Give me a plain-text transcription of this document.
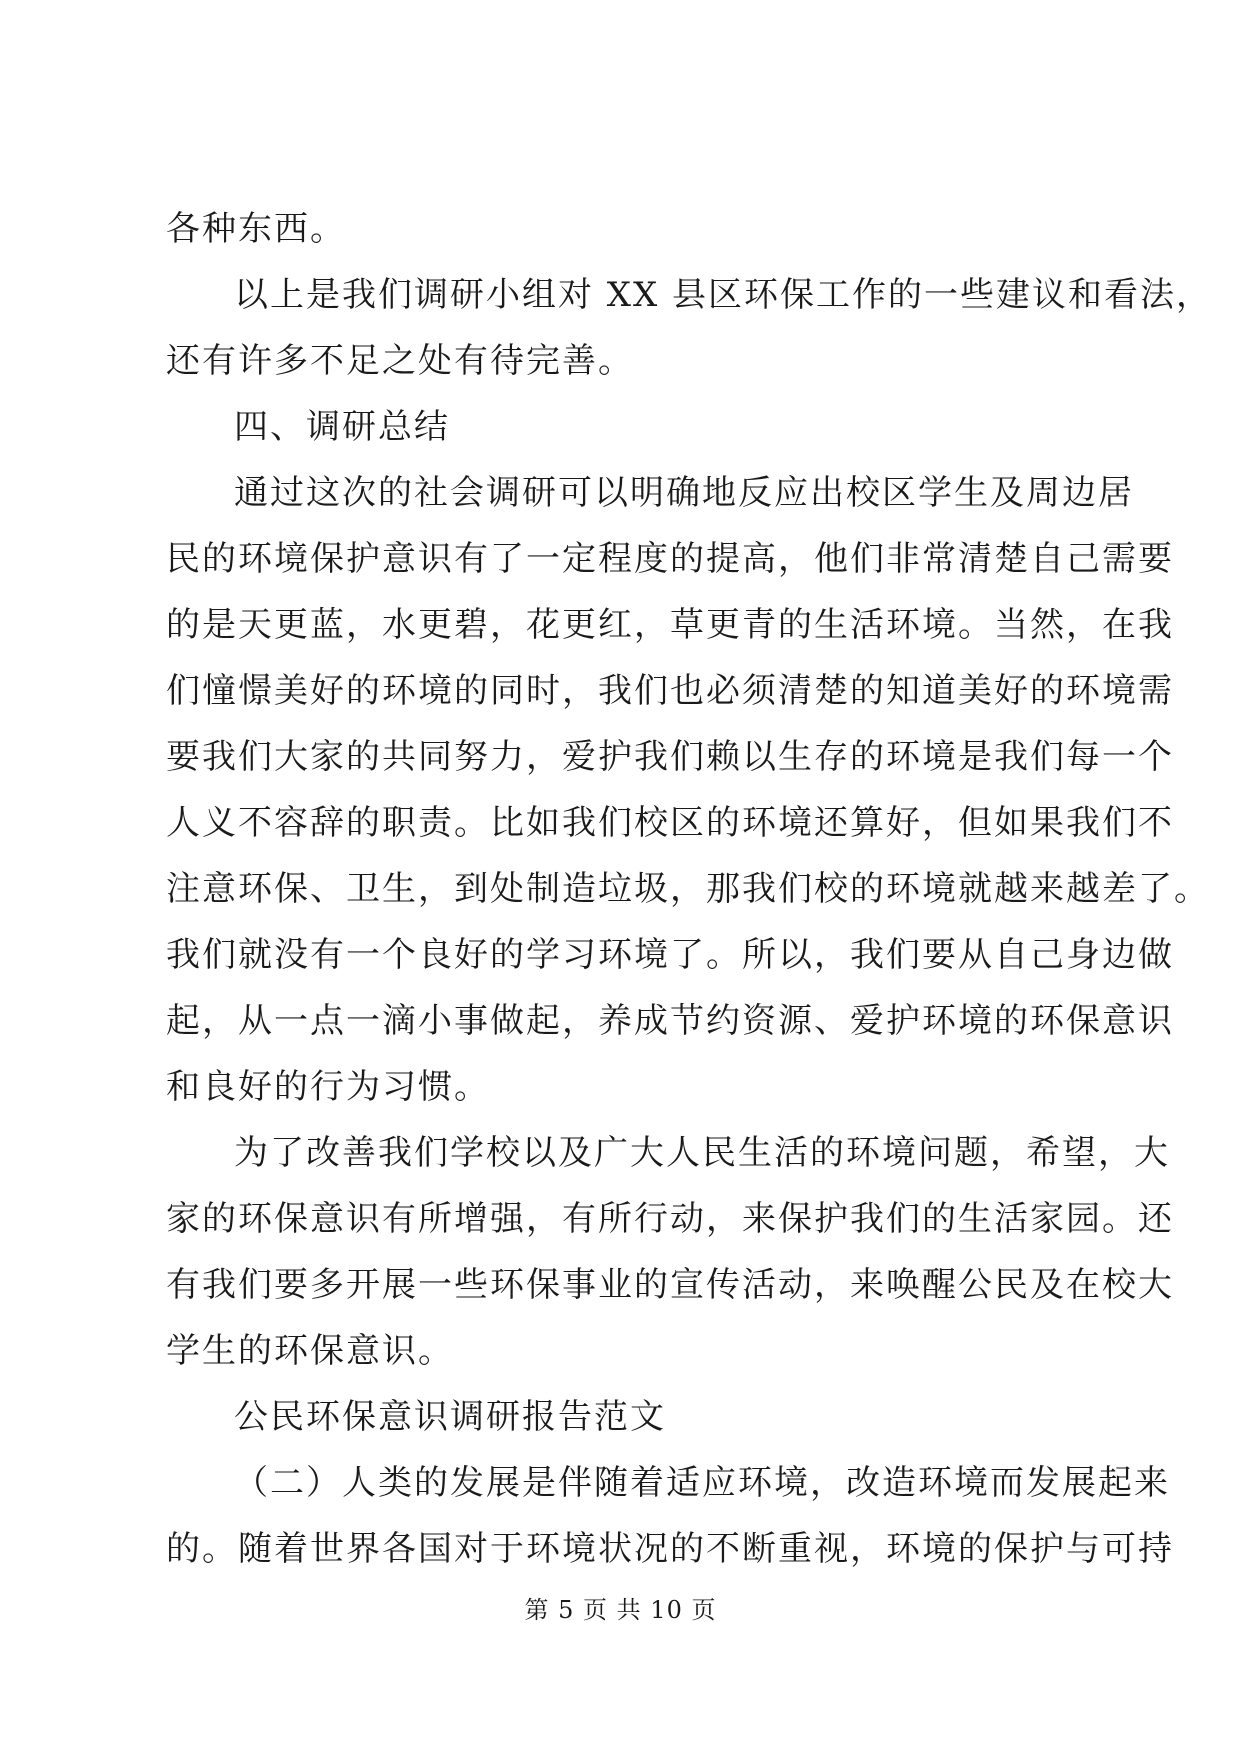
各种东西。
以上是我们调研小组对 XX 县区环保工作的一些建议和看法，
还有许多不足之处有待完善。
四、调研总结
通过这次的社会调研可以明确地反应出校区学生及周边居
民的环境保护意识有了一定程度的提高，他们非常清楚自己需要
的是天更蓝，水更碧，花更红，草更青的生活环境。当然，在我
们憧憬美好的环境的同时，我们也必须清楚的知道美好的环境需
要我们大家的共同努力，爱护我们赖以生存的环境是我们每一个
人义不容辞的职责。比如我们校区的环境还算好，但如果我们不
注意环保、卫生，到处制造垃圾，那我们校的环境就越来越差了。
我们就没有一个良好的学习环境了。所以，我们要从自己身边做
起，从一点一滴小事做起，养成节约资源、爱护环境的环保意识
和良好的行为习惯。
为了改善我们学校以及广大人民生活的环境问题，希望，大
家的环保意识有所增强，有所行动，来保护我们的生活家园。还
有我们要多开展一些环保事业的宣传活动，来唤醒公民及在校大
学生的环保意识。
公民环保意识调研报告范文
（二）人类的发展是伴随着适应环境，改造环境而发展起来
的。随着世界各国对于环境状况的不断重视，环境的保护与可持
第 5 页 共 10 页
